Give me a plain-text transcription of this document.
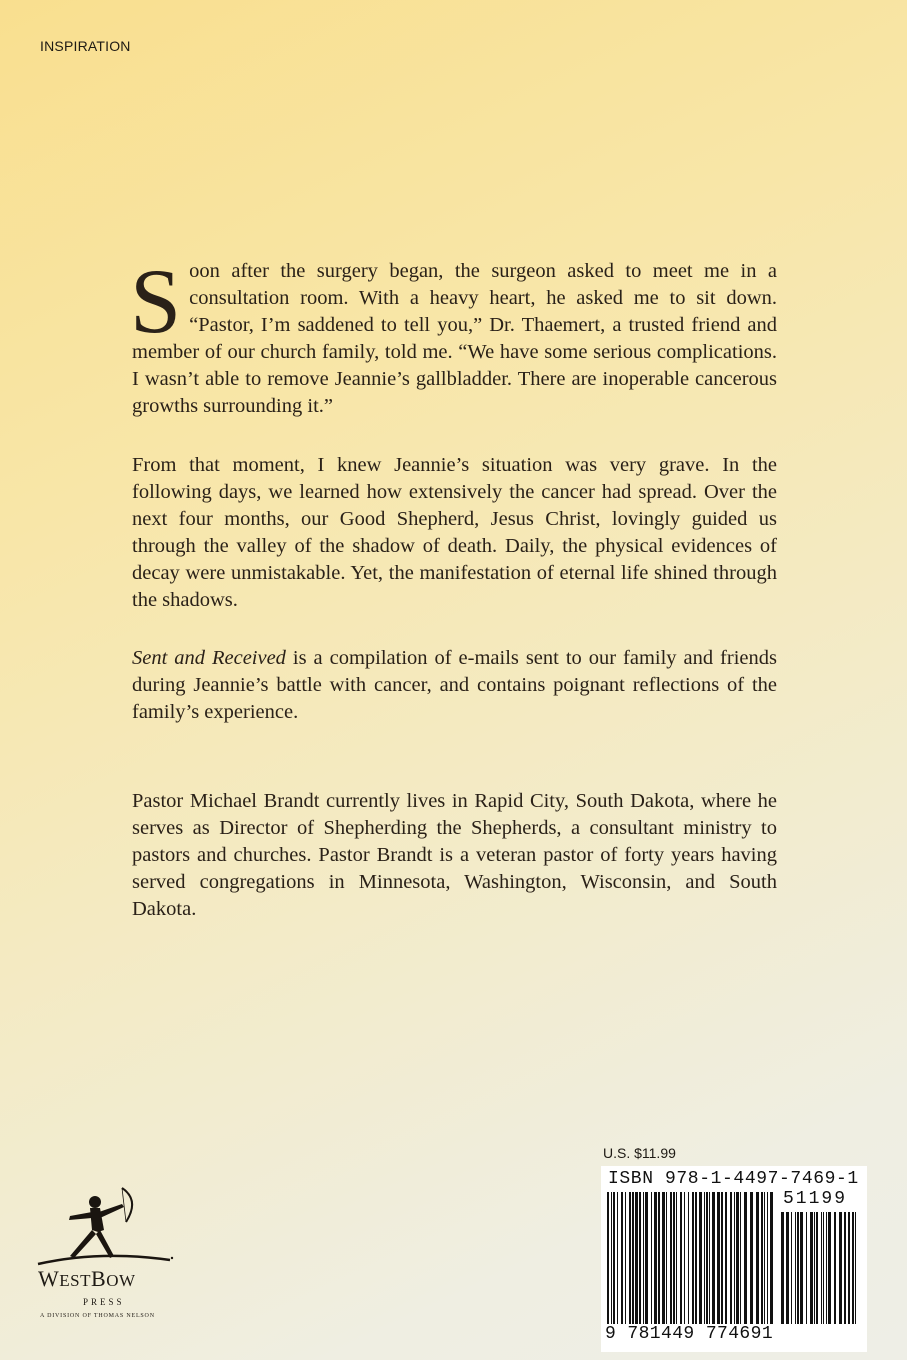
INSPIRATION
S oon after the surgery began, the surgeon asked to meet me in a consultation room. With a heavy heart, he asked me to sit down. “Pastor, I’m saddened to tell you,” Dr. Thaemert, a trusted friend and member of our church family, told me. “We have some serious complications. I wasn’t able to remove Jeannie’s gallbladder. There are inoperable cancerous growths surrounding it.”

From that moment, I knew Jeannie’s situation was very grave. In the following days, we learned how extensively the cancer had spread. Over the next four months, our Good Shepherd, Jesus Christ, lovingly guided us through the valley of the shadow of death. Daily, the physical evidences of decay were unmistakable. Yet, the manifestation of eternal life shined through the shadows.

Sent and Received is a compilation of e-mails sent to our family and friends during Jeannie’s battle with cancer, and contains poignant reflections of the family’s experience.

Pastor Michael Brandt currently lives in Rapid City, South Dakota, where he serves as Director of Shepherding the Shepherds, a consultant ministry to pastors and churches. Pastor Brandt is a veteran pastor of forty years having served congregations in Minnesota, Washington, Wisconsin, and South Dakota.

U.S. $11.99
ISBN 978-1-4497-7469-1
51199
9 781449 774691
WESTBOW
PRESS
A DIVISION OF THOMAS NELSON
